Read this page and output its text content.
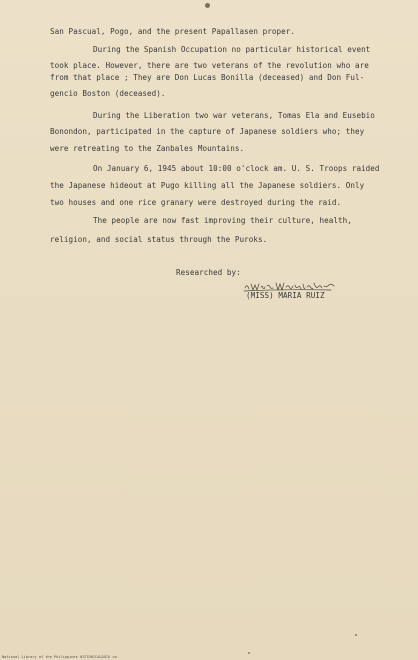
San Pascual, Pogo, and the present Papallasen proper.
During the Spanish Occupation no particular historical event
took place. However, there are two veterans of the revolution who are
from that place ; They are Don Lucas Bonilla (deceased) and Don Ful-
gencio Boston (deceased).
During the Liberation two war veterans, Tomas Ela and Eusebio
Bonondon, participated in the capture of Japanese soldiers who; they
were retreating to the Zanbales Mountains.
On January 6, 1945 about 10:00 o'clock am. U. S. Troops raided
the Japanese hideout at Pugo killing all the Japanese soldiers. Only
two houses and one rice granary were destroyed during the raid.
The people are now fast improving their culture, health,
religion, and social status through the Puroks.
Researched by:
(MISS) MARIA RUIZ
National Library of the Philippines HISTORICALDATA ca.
